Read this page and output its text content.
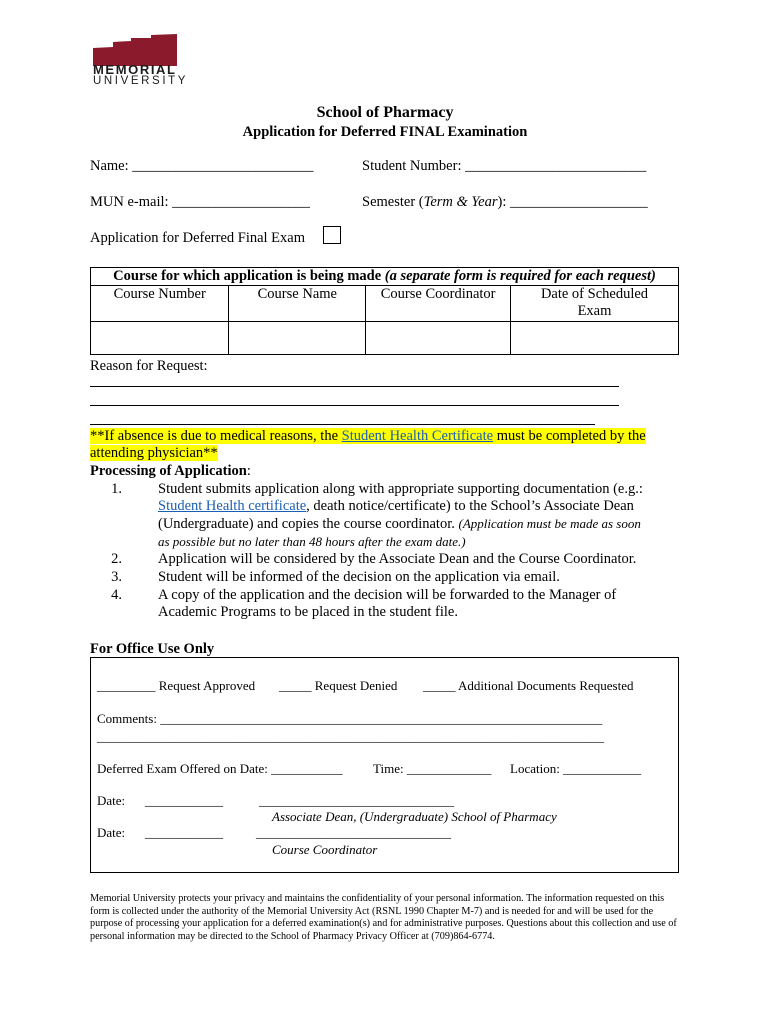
MEMORIAL
UNIVERSITY
School of Pharmacy
Application for Deferred FINAL Examination
Name: _________________________	Student Number: _________________________
MUN e-mail: ___________________	Semester (Term & Year): ___________________
Application for Deferred Final Exam
Course for which application is being made (a separate form is required for each request)			
Course Number	Course Name	Course Coordinator	Date of Scheduled Exam

Reason for Request:
**If absence is due to medical reasons, the Student Health Certificate must be completed by the
attending physician**
Processing of Application:
1. Student submits application along with appropriate supporting documentation (e.g.:
Student Health certificate, death notice/certificate) to the School’s Associate Dean
(Undergraduate) and copies the course coordinator. (Application must be made as soon
as possible but no later than 48 hours after the exam date.)
2. Application will be considered by the Associate Dean and the Course Coordinator.
3. Student will be informed of the decision on the application via email.
4. A copy of the application and the decision will be forwarded to the Manager of
Academic Programs to be placed in the student file.
For Office Use Only
_________ Request Approved _____ Request Denied _____ Additional Documents Requested
Comments: ____________________________________________________________________
______________________________________________________________________________
Deferred Exam Offered on Date: ___________ Time: _____________ Location: ____________
Date: ____________	______________________________
Associate Dean, (Undergraduate) School of Pharmacy
Date: ____________	______________________________
Course Coordinator
Memorial University protects your privacy and maintains the confidentiality of your personal information. The information requested on this form is collected under the authority of the Memorial University Act (RSNL 1990 Chapter M-7) and is needed for and will be used for the purpose of processing your application for a deferred examination(s) and for administrative purposes. Questions about this collection and use of personal information may be directed to the School of Pharmacy Privacy Officer at (709)864-6774.
